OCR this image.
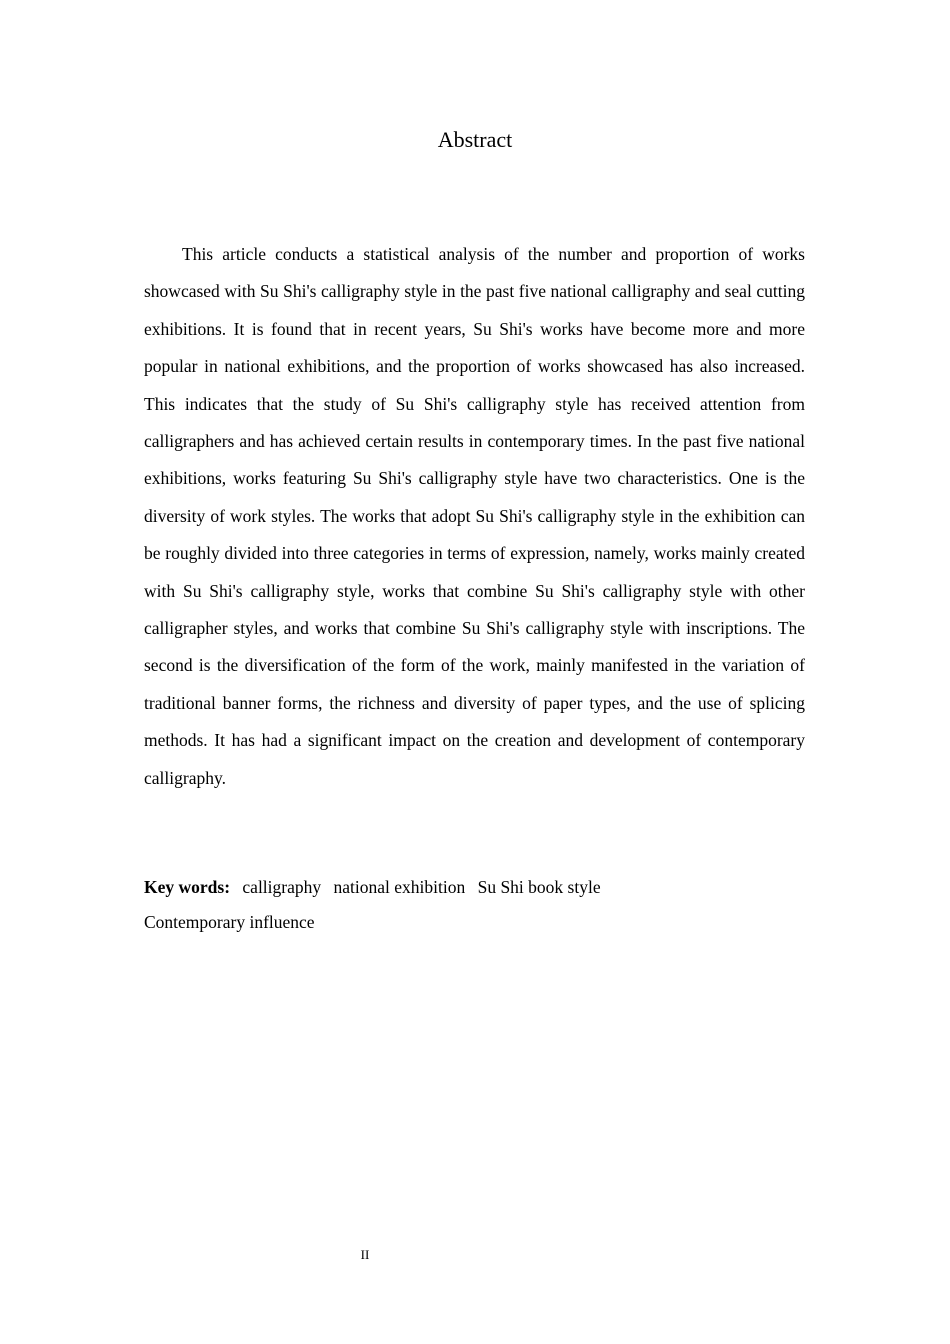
Abstract

This article conducts a statistical analysis of the number and proportion of works showcased with Su Shi's calligraphy style in the past five national calligraphy and seal cutting exhibitions. It is found that in recent years, Su Shi's works have become more and more popular in national exhibitions, and the proportion of works showcased has also increased. This indicates that the study of Su Shi's calligraphy style has received attention from calligraphers and has achieved certain results in contemporary times. In the past five national exhibitions, works featuring Su Shi's calligraphy style have two characteristics. One is the diversity of work styles. The works that adopt Su Shi's calligraphy style in the exhibition can be roughly divided into three categories in terms of expression, namely, works mainly created with Su Shi's calligraphy style, works that combine Su Shi's calligraphy style with other calligrapher styles, and works that combine Su Shi's calligraphy style with inscriptions. The second is the diversification of the form of the work, mainly manifested in the variation of traditional banner forms, the richness and diversity of paper types, and the use of splicing methods. It has had a significant impact on the creation and development of contemporary calligraphy.

Key words: calligraphy national exhibition Su Shi book style

Contemporary influence

II
